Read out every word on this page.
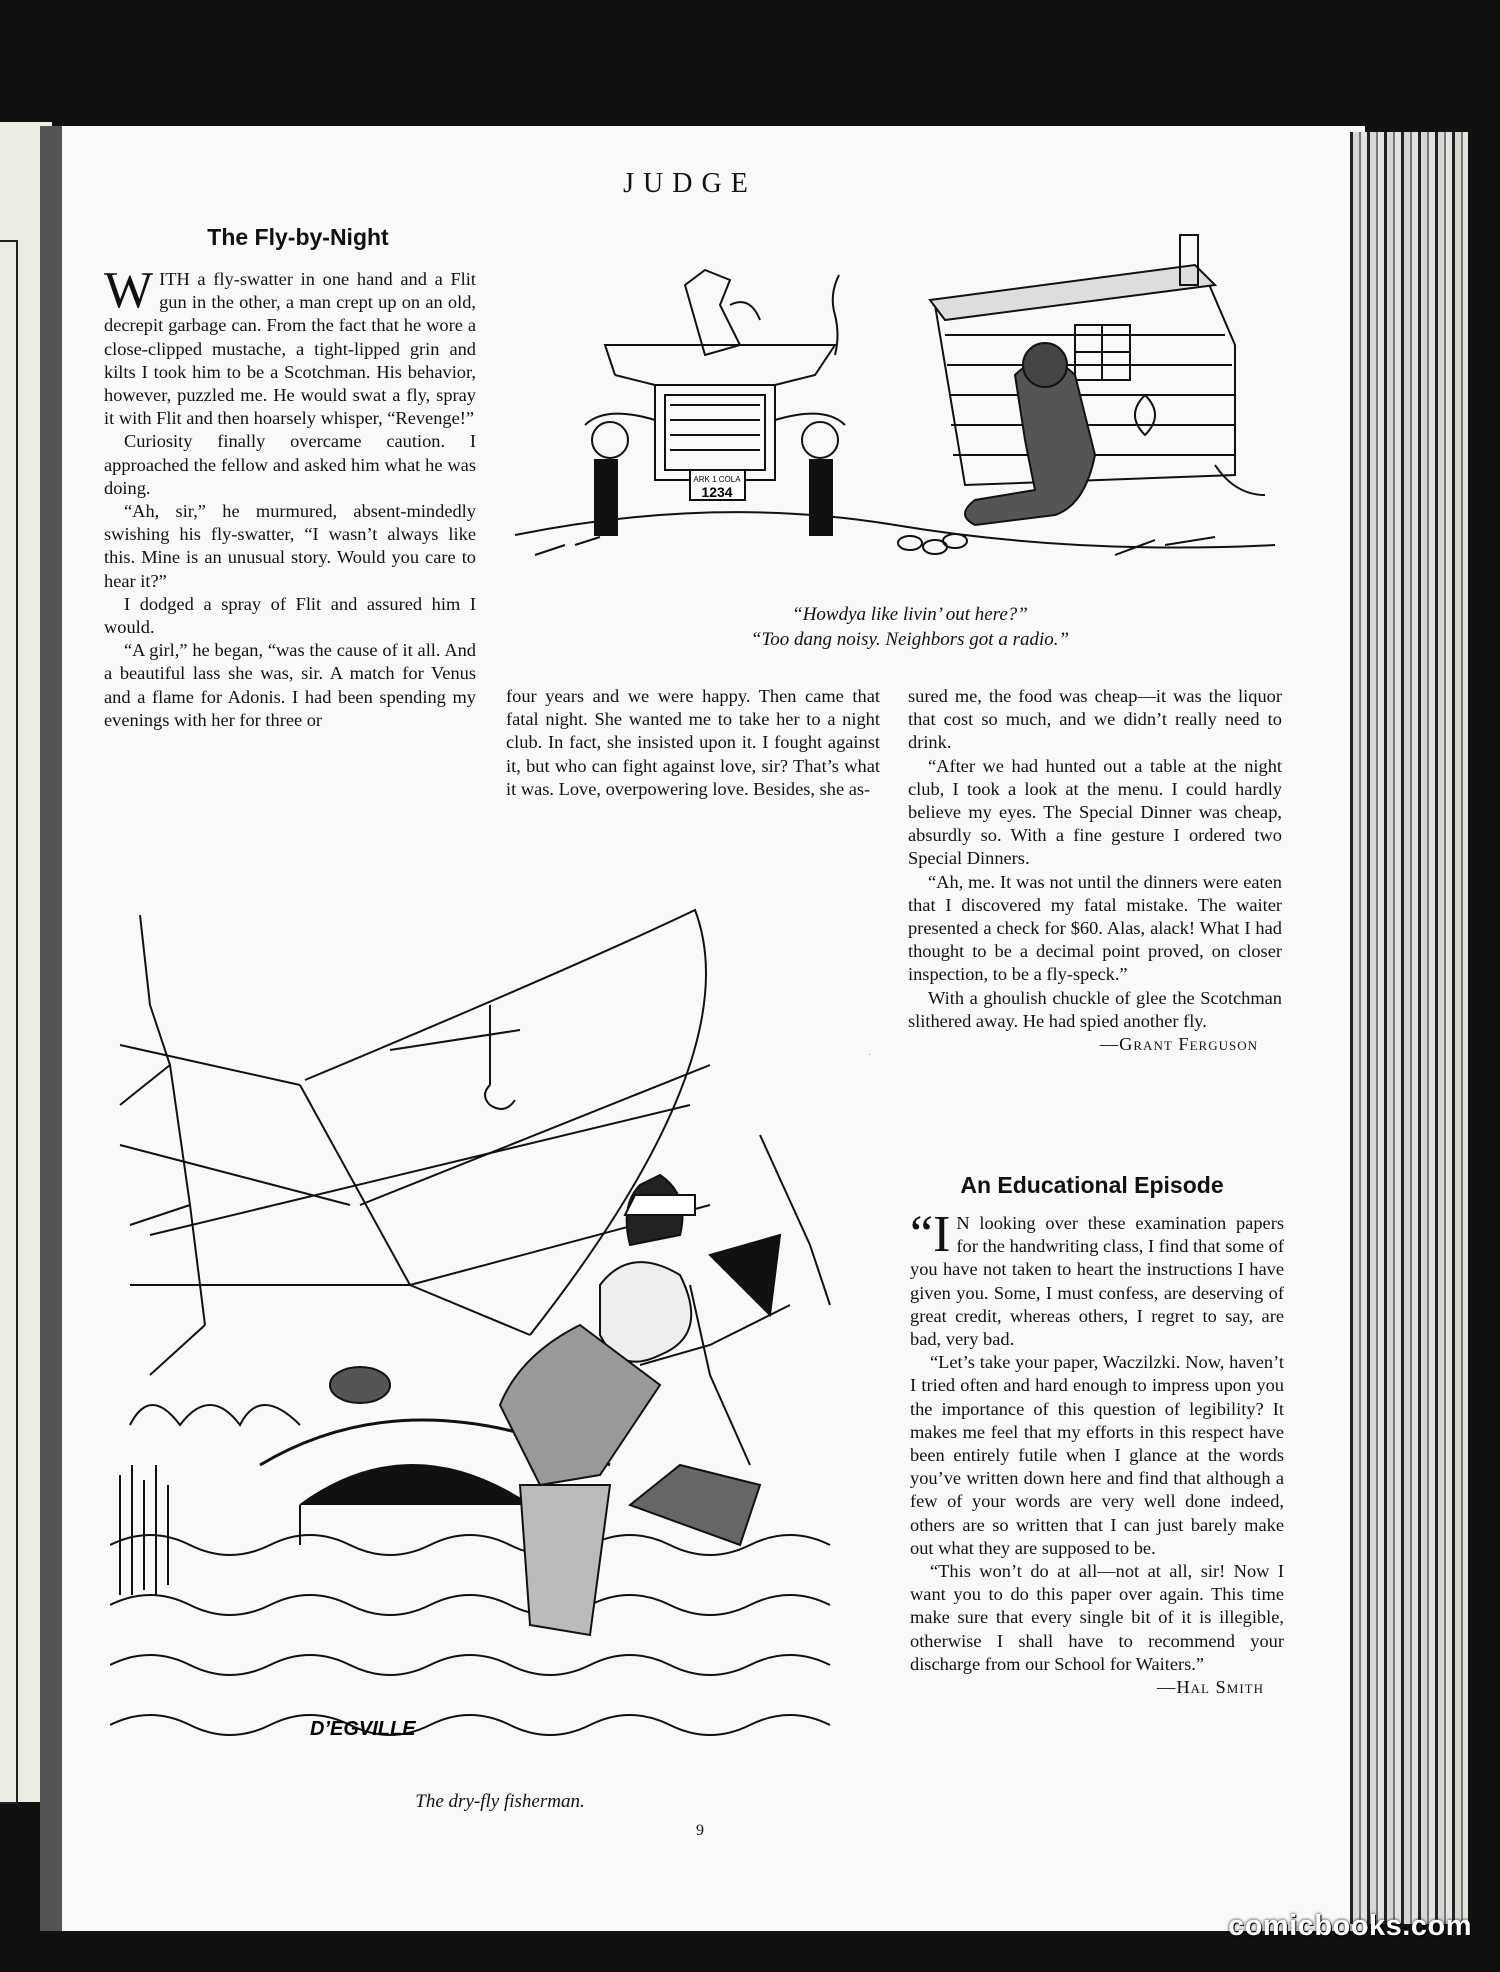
JUDGE
The Fly-by-Night

WITH a fly-swatter in one hand and a Flit gun in the other, a man crept up on an old, decrepit garbage can. From the fact that he wore a close-clipped mustache, a tight-lipped grin and kilts I took him to be a Scotchman. His behavior, however, puzzled me. He would swat a fly, spray it with Flit and then hoarsely whisper, “Revenge!”

Curiosity finally overcame caution. I approached the fellow and asked him what he was doing.

“Ah, sir,” he murmured, absent-mindedly swishing his fly-swatter, “I wasn’t always like this. Mine is an unusual story. Would you care to hear it?”

I dodged a spray of Flit and assured him I would.

“A girl,” he began, “was the cause of it all. And a beautiful lass she was, sir. A match for Venus and a flame for Adonis. I had been spending my evenings with her for three or

ARK 1 COLA
1234
“Howdya like livin’ out here?”
“Too dang noisy. Neighbors got a radio.”

four years and we were happy. Then came that fatal night. She wanted me to take her to a night club. In fact, she insisted upon it. I fought against it, but who can fight against love, sir? That’s what it was. Love, overpowering love. Besides, she as-

sured me, the food was cheap—it was the liquor that cost so much, and we didn’t really need to drink.

“After we had hunted out a table at the night club, I took a look at the menu. I could hardly believe my eyes. The Special Dinner was cheap, absurdly so. With a fine gesture I ordered two Special Dinners.

“Ah, me. It was not until the dinners were eaten that I discovered my fatal mistake. The waiter presented a check for $60. Alas, alack! What I had thought to be a decimal point proved, on closer inspection, to be a fly-speck.”

With a ghoulish chuckle of glee the Scotchman slithered away. He had spied another fly.

—Grant Ferguson
D’EGVILLE
The dry-fly fisherman.
An Educational Episode

“I N looking over these examination papers for the handwriting class, I find that some of you have not taken to heart the instructions I have given you. Some, I must confess, are deserving of great credit, whereas others, I regret to say, are bad, very bad.

“Let’s take your paper, Waczilzki. Now, haven’t I tried often and hard enough to impress upon you the importance of this question of legibility? It makes me feel that my efforts in this respect have been entirely futile when I glance at the words you’ve written down here and find that although a few of your words are very well done indeed, others are so written that I can just barely make out what they are supposed to be.

“This won’t do at all—not at all, sir! Now I want you to do this paper over again. This time make sure that every single bit of it is illegible, otherwise I shall have to recommend your discharge from our School for Waiters.”

—Hal Smith
9
comicbooks.com
